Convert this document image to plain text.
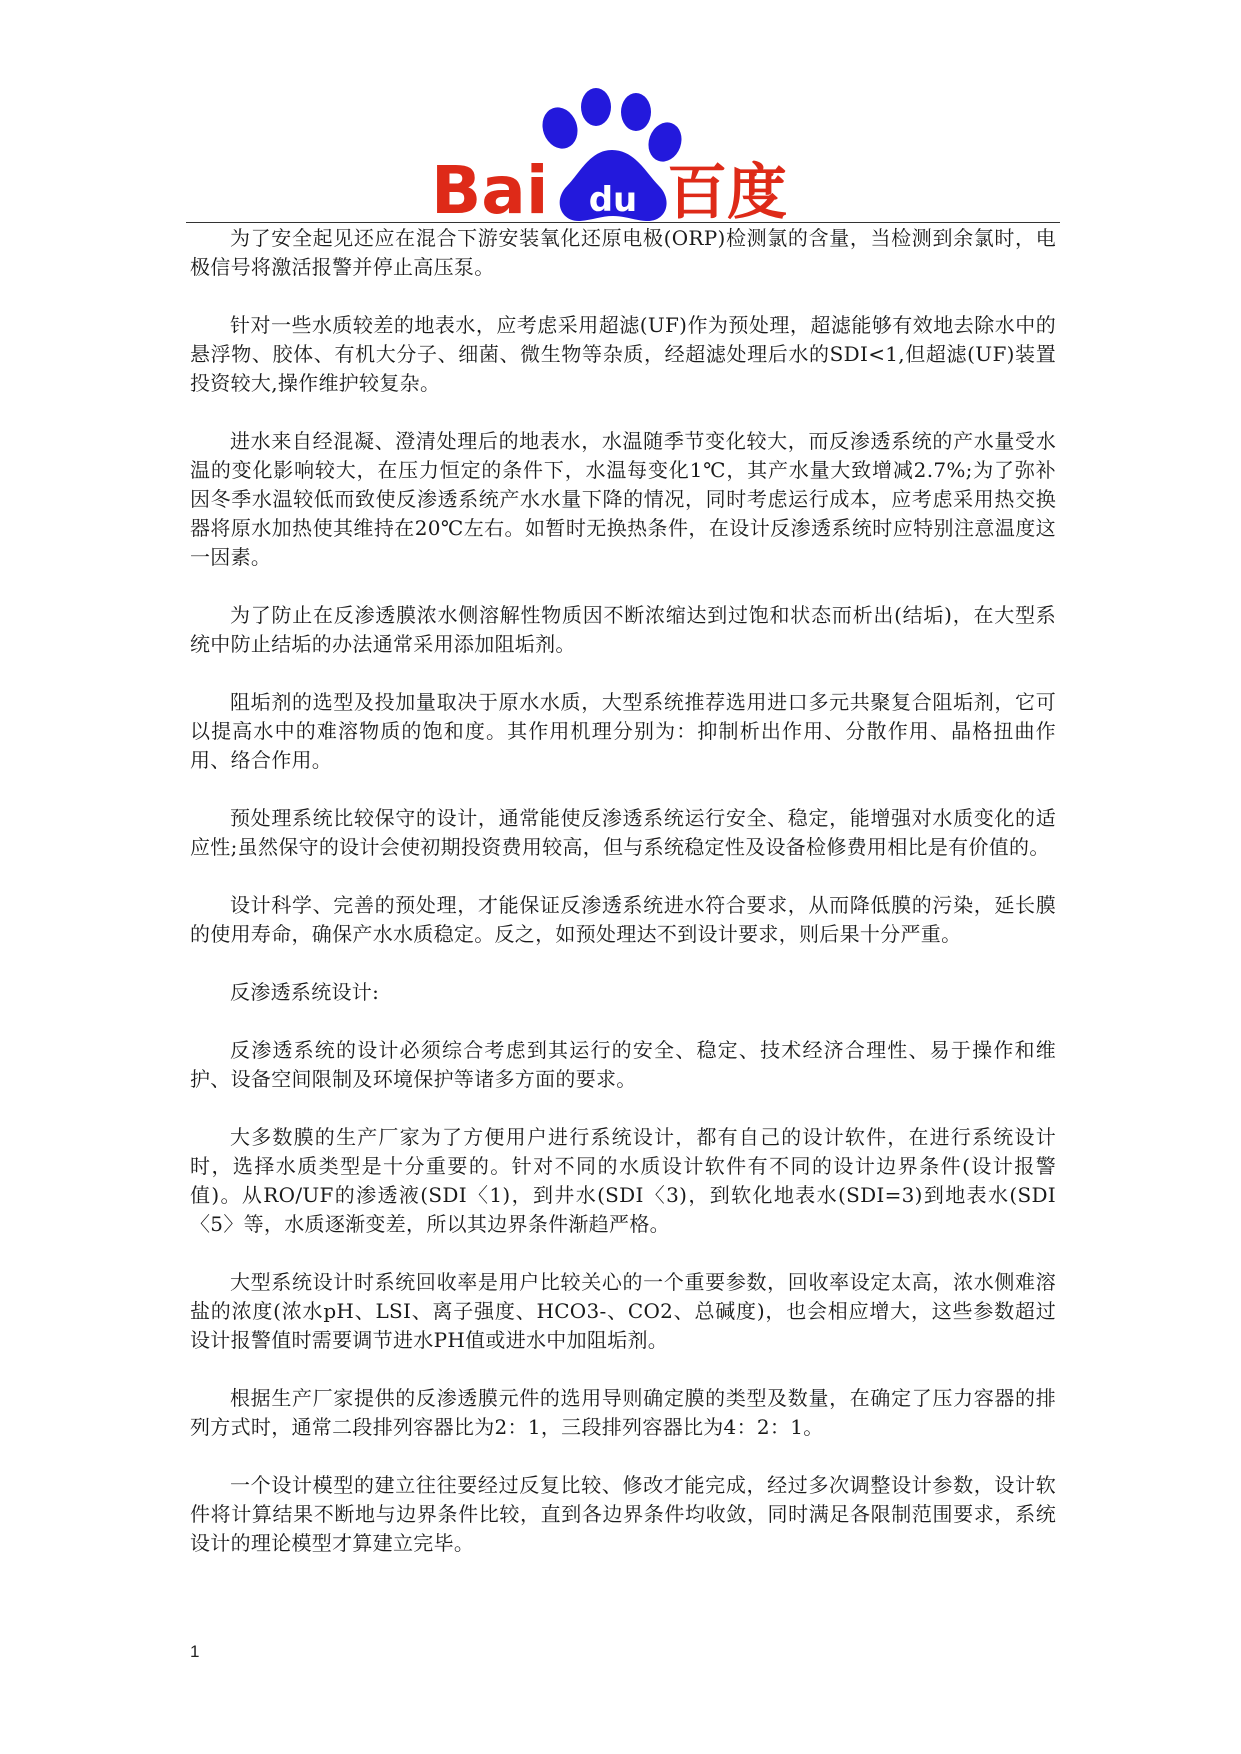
Bai du 百度

为了安全起见还应在混合下游安装氧化还原电极(ORP)检测氯的含量，当检测到余氯时，电极信号将激活报警并停止高压泵。

针对一些水质较差的地表水，应考虑采用超滤(UF)作为预处理，超滤能够有效地去除水中的悬浮物、胶体、有机大分子、细菌、微生物等杂质，经超滤处理后水的SDI<1,但超滤(UF)装置投资较大,操作维护较复杂。

进水来自经混凝、澄清处理后的地表水，水温随季节变化较大，而反渗透系统的产水量受水温的变化影响较大，在压力恒定的条件下，水温每变化1℃，其产水量大致增减2.7%;为了弥补因冬季水温较低而致使反渗透系统产水水量下降的情况，同时考虑运行成本，应考虑采用热交换器将原水加热使其维持在20℃左右。如暂时无换热条件，在设计反渗透系统时应特别注意温度这一因素。

为了防止在反渗透膜浓水侧溶解性物质因不断浓缩达到过饱和状态而析出(结垢)，在大型系统中防止结垢的办法通常采用添加阻垢剂。

阻垢剂的选型及投加量取决于原水水质，大型系统推荐选用进口多元共聚复合阻垢剂，它可以提高水中的难溶物质的饱和度。其作用机理分别为：抑制析出作用、分散作用、晶格扭曲作用、络合作用。

预处理系统比较保守的设计，通常能使反渗透系统运行安全、稳定，能增强对水质变化的适应性;虽然保守的设计会使初期投资费用较高，但与系统稳定性及设备检修费用相比是有价值的。

设计科学、完善的预处理，才能保证反渗透系统进水符合要求，从而降低膜的污染，延长膜的使用寿命，确保产水水质稳定。反之，如预处理达不到设计要求，则后果十分严重。

反渗透系统设计:

反渗透系统的设计必须综合考虑到其运行的安全、稳定、技术经济合理性、易于操作和维护、设备空间限制及环境保护等诸多方面的要求。

大多数膜的生产厂家为了方便用户进行系统设计，都有自己的设计软件，在进行系统设计时，选择水质类型是十分重要的。针对不同的水质设计软件有不同的设计边界条件(设计报警值)。从RO/UF的渗透液(SDI〈1)，到井水(SDI〈3)，到软化地表水(SDI=3)到地表水(SDI〈5〉等，水质逐渐变差，所以其边界条件渐趋严格。

大型系统设计时系统回收率是用户比较关心的一个重要参数，回收率设定太高，浓水侧难溶盐的浓度(浓水pH、LSI、离子强度、HCO3-、CO2、总碱度)，也会相应增大，这些参数超过设计报警值时需要调节进水PH值或进水中加阻垢剂。

根据生产厂家提供的反渗透膜元件的选用导则确定膜的类型及数量，在确定了压力容器的排列方式时，通常二段排列容器比为2：1，三段排列容器比为4：2：1。

一个设计模型的建立往往要经过反复比较、修改才能完成，经过多次调整设计参数，设计软件将计算结果不断地与边界条件比较，直到各边界条件均收敛，同时满足各限制范围要求，系统设计的理论模型才算建立完毕。

1
